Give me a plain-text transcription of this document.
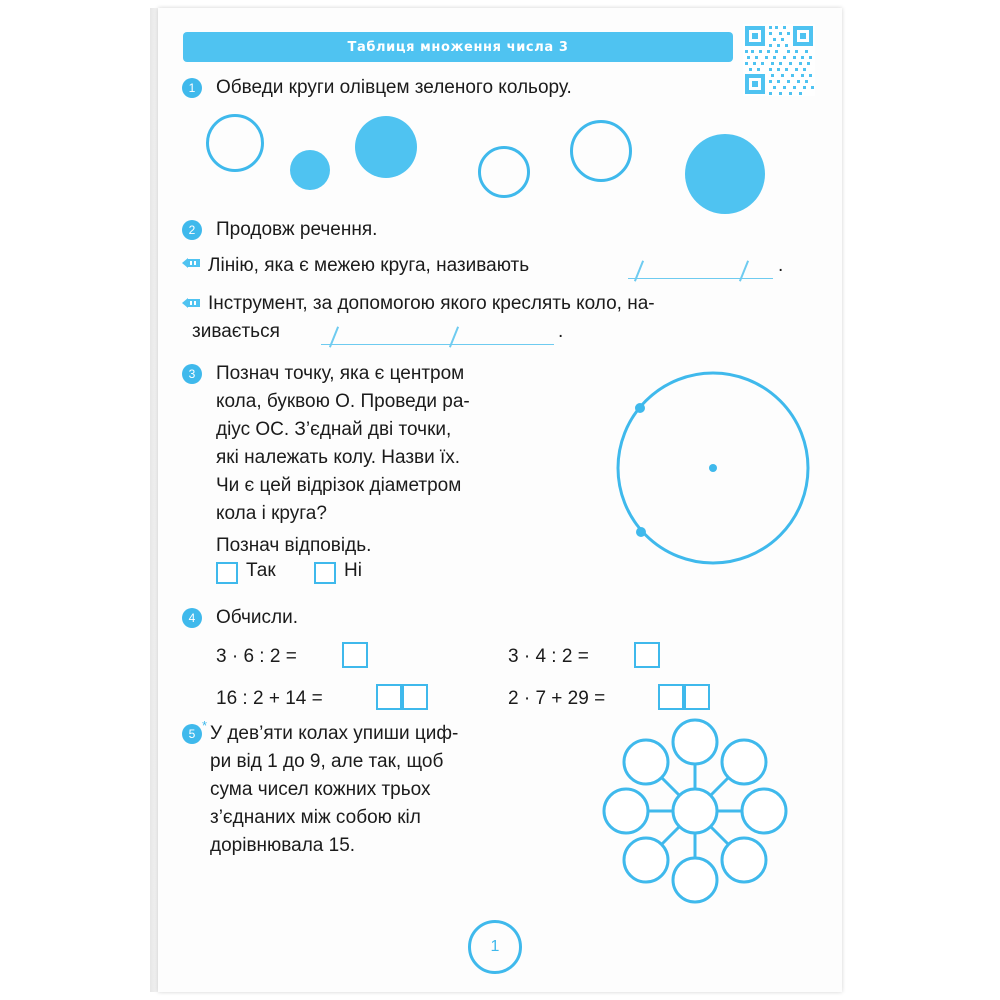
Таблиця множення числа 3
1	Обведи круги олівцем зеленого кольору.
2	Продовж речення.
Лінію, яка є межею круга, називають	.
Інструмент, за допомогою якого креслять коло, на-
зивається	.
3	Познач точку, яка є центром
кола, буквою О. Проведи ра-
діус ОС. З’єднай дві точки,
які належать колу. Назви їх.
Чи є цей відрізок діаметром
кола і круга?
Познач відповідь.
Так	Ні
4	Обчисли.
3 · 6 : 2 =	3 · 4 : 2 =
16 : 2 + 14 =	2 · 7 + 29 =
5
* У дев’яти колах упиши циф-
ри від 1 до 9, але так, щоб
сума чисел кожних трьох
з’єднаних між собою кіл
дорівнювала 15.
1
